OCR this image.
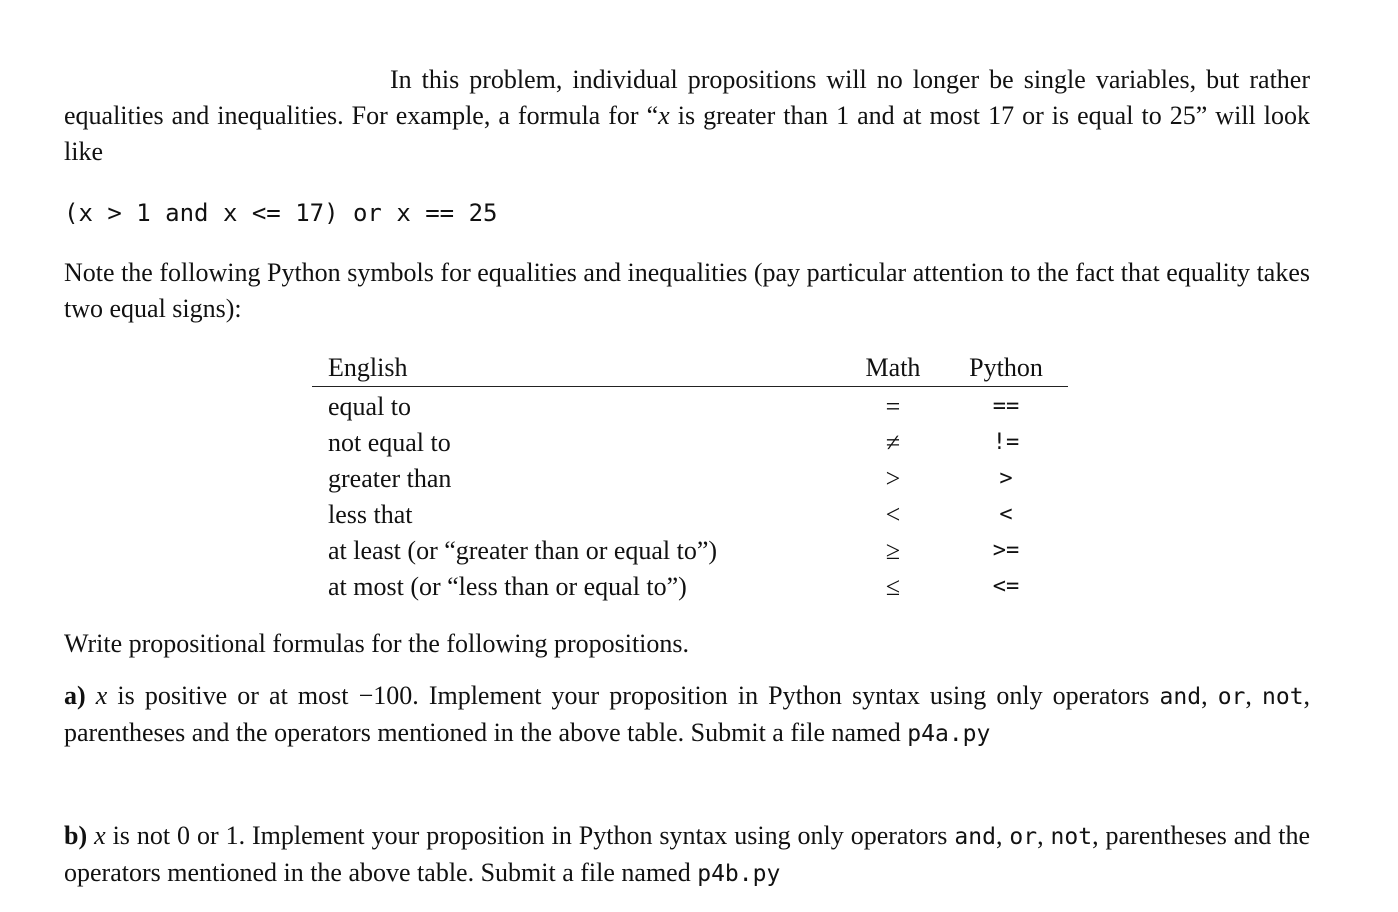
In this problem, individual propositions will no longer be single variables, but rather equalities and inequalities. For example, a formula for “x is greater than 1 and at most 17 or is equal to 25” will look like
(x > 1 and x <= 17) or x == 25
Note the following Python symbols for equalities and inequalities (pay particular attention to the fact that equality takes two equal signs):
English	Math	Python
equal to	=	==
not equal to	≠	!=
greater than	>	>
less that	<	<
at least (or “greater than or equal to”)	≥	>=
at most (or “less than or equal to”)	≤	<=
Write propositional formulas for the following propositions.
a) x is positive or at most −100. Implement your proposition in Python syntax using only operators and, or, not, parentheses and the operators mentioned in the above table. Submit a file named p4a.py
b) x is not 0 or 1. Implement your proposition in Python syntax using only operators and, or, not, parentheses and the operators mentioned in the above table. Submit a file named p4b.py
